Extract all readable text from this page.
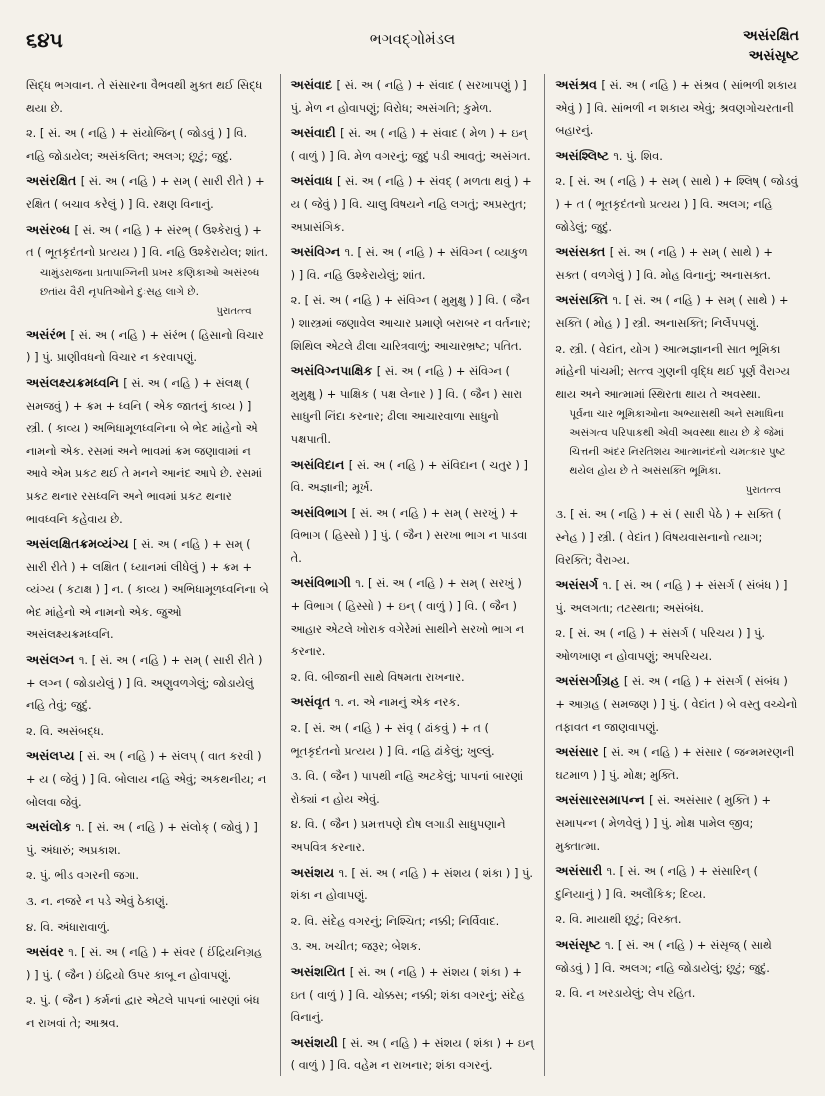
૬૪૫	ભગવદ્ગોમંડલ	અસંરક્ષિત
અસંસૃષ્ટ
સિદ્ધ ભગવાન. તે સંસારના વૈભવથી મુક્ત થઈ સિદ્ધ થયા છે.
૨. [ સં. અ ( નહિ ) + સંયોજિન્ ( જોડવું ) ] વિ. નહિ જોડાયેલ; અસંકલિત; અલગ; છૂટું; જુદું.
અસંરક્ષિત [ સં. અ ( નહિ ) + સમ્ ( સારી રીતે ) + રક્ષિત ( બચાવ કરેલું ) ] વિ. રક્ષણ વિનાનું.
અસંરબ્ધ [ સં. અ ( નહિ ) + સંરભ્ ( ઉશ્કેરાવું ) + ત ( ભૂતકૃદંતનો પ્રત્યય ) ] વિ. નહિ ઉશ્કેરાયેલ; શાંત.
ચામુંડરાજના પ્રતાપાગ્નિની પ્રખર કણિકાઓ અસંરબ્ધ છતાંય વૈરી નૃપતિઓને દુઃસહ લાગે છે.
પુરાતત્ત્વ
અસંરંભ [ સં. અ ( નહિ ) + સંરંભ ( હિસાનો વિચાર ) ] પું. પ્રાણીવધનો વિચાર ન કરવાપણું.
અસંલક્ષ્યક્રમધ્વનિ [ સં. અ ( નહિ ) + સંલક્ષ્ ( સમજવું ) + ક્રમ + ધ્વનિ ( એક જાતનું કાવ્ય ) ] સ્ત્રી. ( કાવ્ય ) અભિધામૂળધ્વનિના બે ભેદ માંહેનો એ નામનો એક. રસમાં અને ભાવમાં ક્રમ જણાવામાં ન આવે એમ પ્રકટ થઈ તે મનને આનંદ આપે છે. રસમાં પ્રકટ થનાર રસધ્વનિ અને ભાવમાં પ્રકટ થનાર ભાવધ્વનિ કહેવાય છે.
અસંલક્ષિતક્રમવ્યંગ્ય [ સં. અ ( નહિ ) + સમ્ ( સારી રીતે ) + લક્ષિત ( ધ્યાનમાં લીધેલું ) + ક્રમ + વ્યંગ્ય ( કટાક્ષ ) ] ન. ( કાવ્ય ) અભિધામૂળધ્વનિના બે ભેદ માંહેનો એ નામનો એક. જુઓ અસંલક્ષ્યક્રમધ્વનિ.
અસંલગ્ન ૧. [ સં. અ ( નહિ ) + સમ્ ( સારી રીતે ) + લગ્ન ( જોડાયેલું ) ] વિ. અણુવળગેલું; જોડાયેલું નહિ તેવું; જુદું.
૨. વિ. અસંબદ્ધ.
અસંલપ્ય [ સં. અ ( નહિ ) + સંલપ્ ( વાત કરવી ) + ય ( જેવું ) ] વિ. બોલાય નહિ એવું; અકથનીય; ન બોલવા જેવું.
અસંલોક ૧. [ સં. અ ( નહિ ) + સંલોક્ ( જોવું ) ] પું. અંધારું; અપ્રકાશ.
૨. પું. ભીડ વગરની જગા.
૩. ન. નજરે ન પડે એવું ઠેકાણું.
૪. વિ. અંધારાવાળું.
અસંવર ૧. [ સં. અ ( નહિ ) + સંવર ( ઈંદ્રિયનિગ્રહ ) ] પું. ( જૈન ) ઇંદ્રિયો ઉપર કાબૂ ન હોવાપણું.
૨. પું. ( જૈન ) કર્મનાં દ્વાર એટલે પાપનાં બારણાં બંધ ન રાખવાં તે; આશ્રવ.
અસંવાદ [ સં. અ ( નહિ ) + સંવાદ ( સરખાપણું ) ] પું. મેળ ન હોવાપણું; વિરોધ; અસંગતિ; કુમેળ.
અસંવાદી [ સં. અ ( નહિ ) + સંવાદ ( મેળ ) + ઇન્ ( વાળું ) ] વિ. મેળ વગરનું; જુદું પડી આવતું; અસંગત.
અસંવાધ [ સં. અ ( નહિ ) + સંવદ્ ( મળતા થવું ) + ય ( જેવું ) ] વિ. ચાલુ વિષયને નહિ લગતું; અપ્રસ્તુત; અપ્રાસંગિક.
અસંવિગ્ન ૧. [ સં. અ ( નહિ ) + સંવિગ્ન ( વ્યાકુળ ) ] વિ. નહિ ઉશ્કેરાયેલું; શાંત.
૨. [ સં. અ ( નહિ ) + સંવિગ્ન ( મુમુક્ષુ ) ] વિ. ( જૈન ) શાસ્ત્રમાં જણાવેલ આચાર પ્રમાણે બરાબર ન વર્તનાર; શિથિલ એટલે ઢીલા ચારિત્રવાળું; આચારભ્રષ્ટ; પતિત.
અસંવિગ્નપાક્ષિક [ સં. અ ( નહિ ) + સંવિગ્ન ( મુમુક્ષુ ) + પાક્ષિક ( પક્ષ લેનાર ) ] વિ. ( જૈન ) સારા સાધુની નિંદા કરનાર; ઢીલા આચારવાળા સાધુનો પક્ષપાતી.
અસંવિદાન [ સં. અ ( નહિ ) + સંવિદાન ( ચતુર ) ] વિ. અજ્ઞાની; મૂર્ખ.
અસંવિભાગ [ સં. અ ( નહિ ) + સમ્ ( સરખું ) + વિભાગ ( હિસ્સો ) ] પું. ( જૈન ) સરખા ભાગ ન પાડવા તે.
અસંવિભાગી ૧. [ સં. અ ( નહિ ) + સમ્ ( સરખું ) + વિભાગ ( હિસ્સો ) + ઇન્ ( વાળું ) ] વિ. ( જૈન ) આહાર એટલે ખોરાક વગેરેમાં સાથીને સરખો ભાગ ન કરનાર.
૨. વિ. બીજાની સાથે વિષમતા રાખનાર.
અસંવૃત ૧. ન. એ નામનું એક નરક.
૨. [ સં. અ ( નહિ ) + સંવૃ ( ઢાંકવું ) + ત ( ભૂતકૃદંતનો પ્રત્યય ) ] વિ. નહિ ઢાંકેલું; ખુલ્લું.
૩. વિ. ( જૈન ) પાપથી નહિ અટકેલું; પાપનાં બારણાં રોક્યાં ન હોય એવું.
૪. વિ. ( જૈન ) પ્રમત્તપણે દોષ લગાડી સાધુપણાને અપવિત્ર કરનાર.
અસંશય ૧. [ સં. અ ( નહિ ) + સંશય ( શંકા ) ] પું. શંકા ન હોવાપણું.
૨. વિ. સંદેહ વગરનું; નિશ્ચિત; નક્કી; નિર્વિવાદ.
૩. અ. ખચીત; જરૂર; બેશક.
અસંશયિત [ સં. અ ( નહિ ) + સંશય ( શંકા ) + ઇત ( વાળું ) ] વિ. ચોક્કસ; નક્કી; શંકા વગરનું; સંદેહ વિનાનું.
અસંશયી [ સં. અ ( નહિ ) + સંશય ( શંકા ) + ઇન્ ( વાળું ) ] વિ. વહેમ ન રાખનાર; શંકા વગરનું.
અસંશ્રવ [ સં. અ ( નહિ ) + સંશ્રવ ( સાંભળી શકાય એવું ) ] વિ. સાંભળી ન શકાય એવું; શ્રવણગોચરતાની બહારનું.
અસંશ્લિષ્ટ ૧. પું. શિવ.
૨. [ સં. અ ( નહિ ) + સમ્ ( સાથે ) + શ્લિષ્ ( જોડવું ) + ત ( ભૂતકૃદંતનો પ્રત્યય ) ] વિ. અલગ; નહિ જોડેલું; જુદું.
અસંસક્ત [ સં. અ ( નહિ ) + સમ્ ( સાથે ) + સક્ત ( વળગેલું ) ] વિ. મોહ વિનાનું; અનાસક્ત.
અસંસક્તિ ૧. [ સં. અ ( નહિ ) + સમ્ ( સાથે ) + સક્તિ ( મોહ ) ] સ્ત્રી. અનાસક્તિ; નિર્લેપપણું.
૨. સ્ત્રી. ( વેદાંત, યોગ ) આત્મજ્ઞાનની સાત ભૂમિકા માંહેની પાંચમી; સત્ત્વ ગુણની વૃદ્ધિ થઈ પૂર્ણ વૈરાગ્ય થાય અને આત્મામાં સ્થિરતા થાય તે અવસ્થા.
પૂર્વના ચાર ભૂમિકાઓના અભ્યાસથી અને સમાધિના અસંગત્વ પરિપાકથી એવી અવસ્થા થાય છે કે જેમાં ચિત્તની અંદર નિરતિશય આત્માનંદનો ચમત્કાર પુષ્ટ થયેલ હોય છે તે અસંસક્તિ ભૂમિકા.
પુરાતત્ત્વ
૩. [ સં. અ ( નહિ ) + સં ( સારી પેઠે ) + સક્તિ ( સ્નેહ ) ] સ્ત્રી. ( વેદાંત ) વિષયવાસનાનો ત્યાગ; વિરક્તિ; વૈરાગ્ય.
અસંસર્ગ ૧. [ સં. અ ( નહિ ) + સંસર્ગ ( સંબંધ ) ] પું. અલગતા; તટસ્થતા; અસંબંધ.
૨. [ સં. અ ( નહિ ) + સંસર્ગ ( પરિચય ) ] પું. ઓળખાણ ન હોવાપણું; અપરિચય.
અસંસર્ગાગ્રહ [ સં. અ ( નહિ ) + સંસર્ગ ( સંબંધ ) + આગ્રહ ( સમજણ ) ] પું. ( વેદાંત ) બે વસ્તુ વચ્ચેનો તફાવત ન જાણવાપણું.
અસંસાર [ સં. અ ( નહિ ) + સંસાર ( જન્મમરણની ઘટમાળ ) ] પું. મોક્ષ; મુક્તિ.
અસંસારસમાપન્ન [ સં. અસંસાર ( મુક્તિ ) + સમાપન્ન ( મેળવેલું ) ] પું. મોક્ષ પામેલ જીવ; મુક્તાત્મા.
અસંસારી ૧. [ સં. અ ( નહિ ) + સંસારિન્ ( દુનિયાનું ) ] વિ. અલૌકિક; દિવ્ય.
૨. વિ. માયાથી છૂટું; વિરક્ત.
અસંસૃષ્ટ ૧. [ સં. અ ( નહિ ) + સંસૃજ્ ( સાથે જોડવું ) ] વિ. અલગ; નહિ જોડાયેલું; છૂટું; જુદું.
૨. વિ. ન ખરડાયેલું; લેપ રહિત.
